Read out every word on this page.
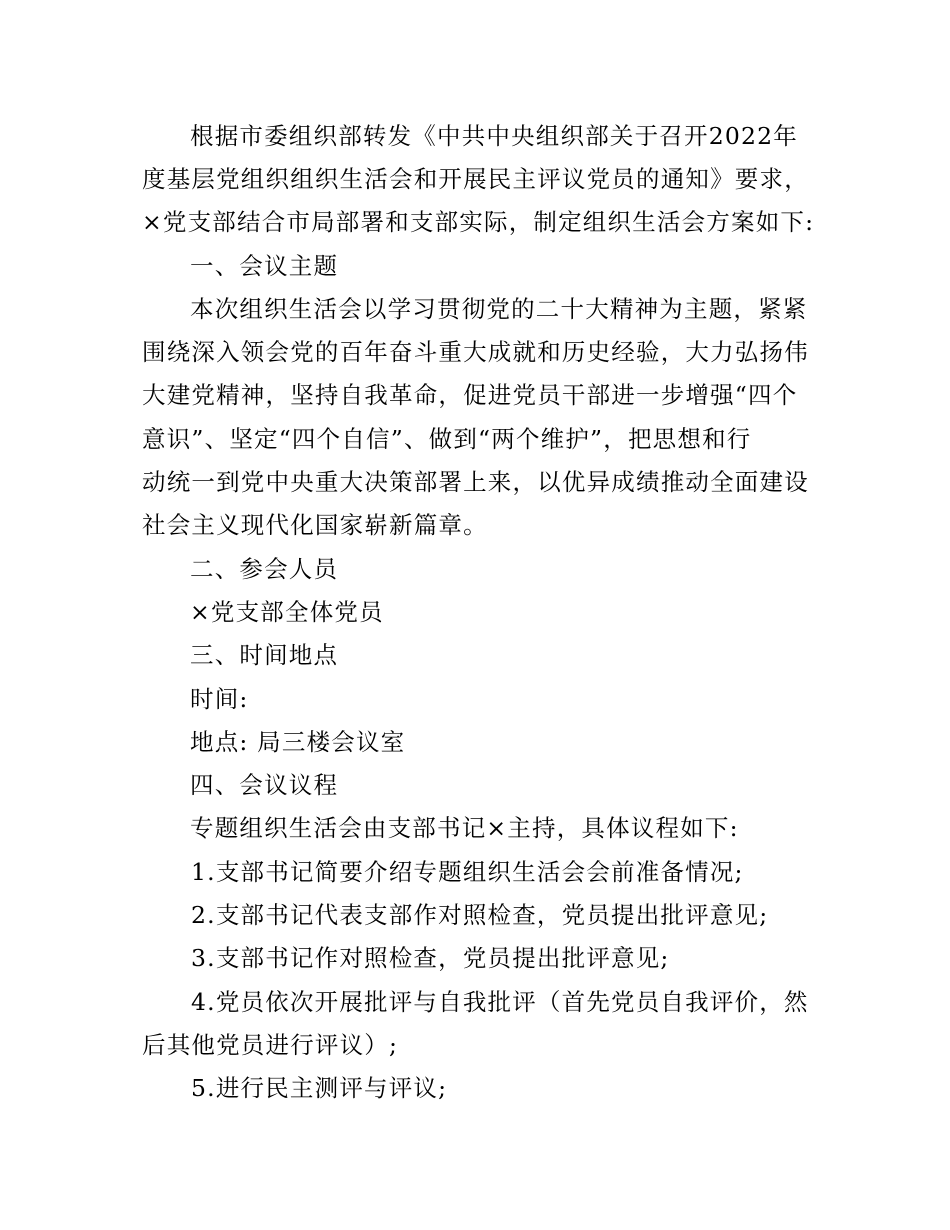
根据市委组织部转发《中共中央组织部关于召开2022年
度基层党组织组织生活会和开展民主评议党员的通知》要求，
×党支部结合市局部署和支部实际，制定组织生活会方案如下:
一、会议主题
本次组织生活会以学习贯彻党的二十大精神为主题，紧紧
围绕深入领会党的百年奋斗重大成就和历史经验，大力弘扬伟
大建党精神，坚持自我革命，促进党员干部进一步增强“四个
意识”、坚定“四个自信”、做到“两个维护”，把思想和行
动统一到党中央重大决策部署上来，以优异成绩推动全面建设
社会主义现代化国家崭新篇章。
二、参会人员
×党支部全体党员
三、时间地点
时间:
地点: 局三楼会议室
四、会议议程
专题组织生活会由支部书记×主持，具体议程如下:
1.支部书记简要介绍专题组织生活会会前准备情况;
2.支部书记代表支部作对照检查，党员提出批评意见;
3.支部书记作对照检查，党员提出批评意见;
4.党员依次开展批评与自我批评（首先党员自我评价，然
后其他党员进行评议）;
5.进行民主测评与评议;
